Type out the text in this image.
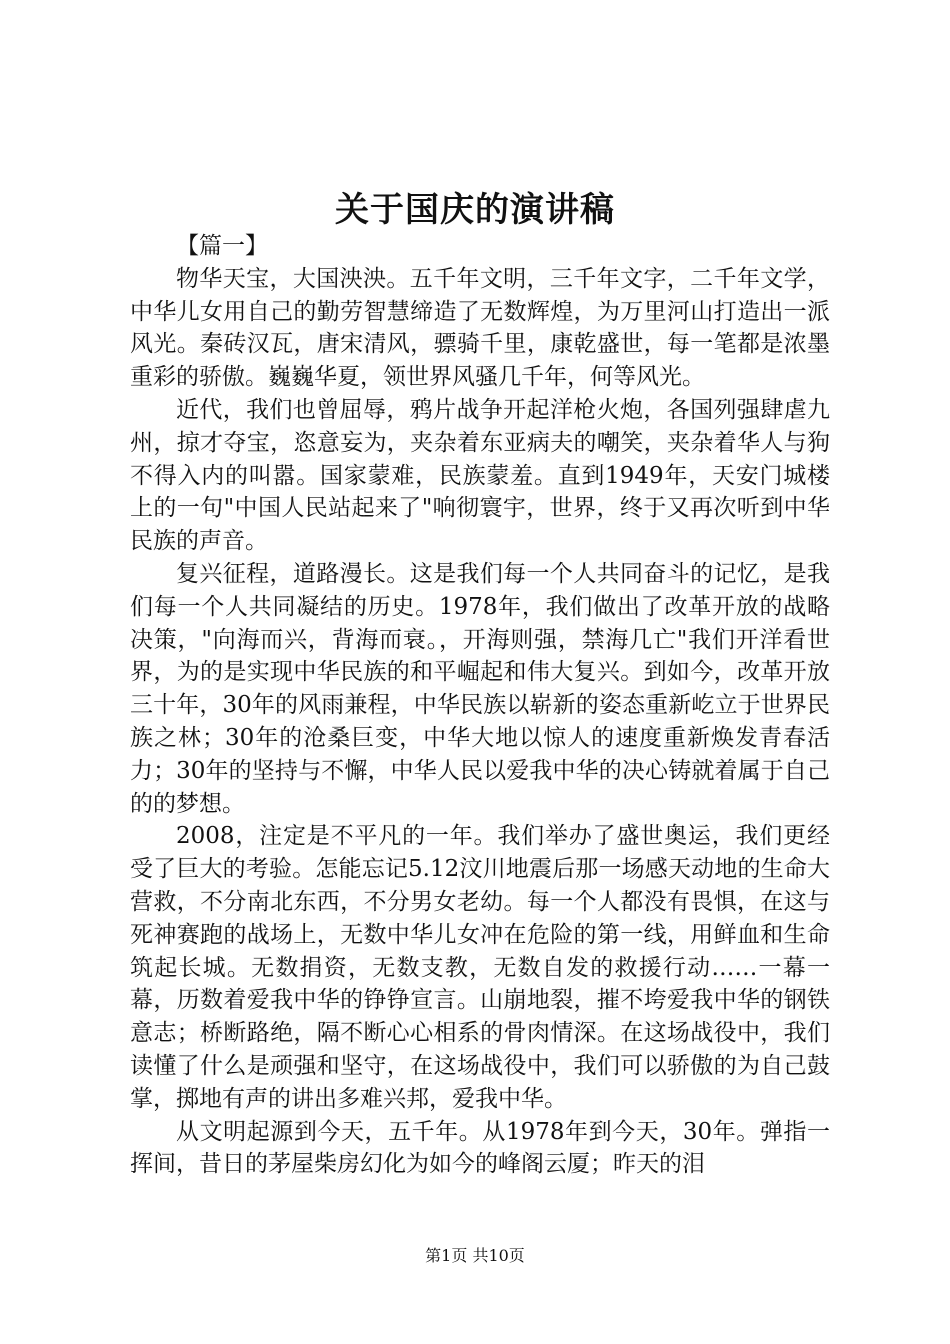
关于国庆的演讲稿

【篇一】

物华天宝，大国泱泱。五千年文明，三千年文字，二千年文学，中华儿女用自己的勤劳智慧缔造了无数辉煌，为万里河山打造出一派风光。秦砖汉瓦，唐宋清风，骠骑千里，康乾盛世，每一笔都是浓墨重彩的骄傲。巍巍华夏，领世界风骚几千年，何等风光。

近代，我们也曾屈辱，鸦片战争开起洋枪火炮，各国列强肆虐九州，掠才夺宝，恣意妄为，夹杂着东亚病夫的嘲笑，夹杂着华人与狗不得入内的叫嚣。国家蒙难，民族蒙羞。直到1949年，天安门城楼上的一句"中国人民站起来了"响彻寰宇，世界，终于又再次听到中华民族的声音。

复兴征程，道路漫长。这是我们每一个人共同奋斗的记忆，是我们每一个人共同凝结的历史。1978年，我们做出了改革开放的战略决策，"向海而兴，背海而衰。，开海则强，禁海几亡"我们开洋看世界，为的是实现中华民族的和平崛起和伟大复兴。到如今，改革开放三十年，30年的风雨兼程，中华民族以崭新的姿态重新屹立于世界民族之林；30年的沧桑巨变，中华大地以惊人的速度重新焕发青春活力；30年的坚持与不懈，中华人民以爱我中华的决心铸就着属于自己的的梦想。

2008，注定是不平凡的一年。我们举办了盛世奥运，我们更经受了巨大的考验。怎能忘记5.12汶川地震后那一场感天动地的生命大营救，不分南北东西，不分男女老幼。每一个人都没有畏惧，在这与死神赛跑的战场上，无数中华儿女冲在危险的第一线，用鲜血和生命筑起长城。无数捐资，无数支教，无数自发的救援行动……一幕一幕，历数着爱我中华的铮铮宣言。山崩地裂，摧不垮爱我中华的钢铁意志；桥断路绝，隔不断心心相系的骨肉情深。在这场战役中，我们读懂了什么是顽强和坚守，在这场战役中，我们可以骄傲的为自己鼓掌，掷地有声的讲出多难兴邦，爱我中华。

从文明起源到今天，五千年。从1978年到今天，30年。弹指一挥间，昔日的茅屋柴房幻化为如今的峰阁云厦；昨天的泪

第1页 共10页
